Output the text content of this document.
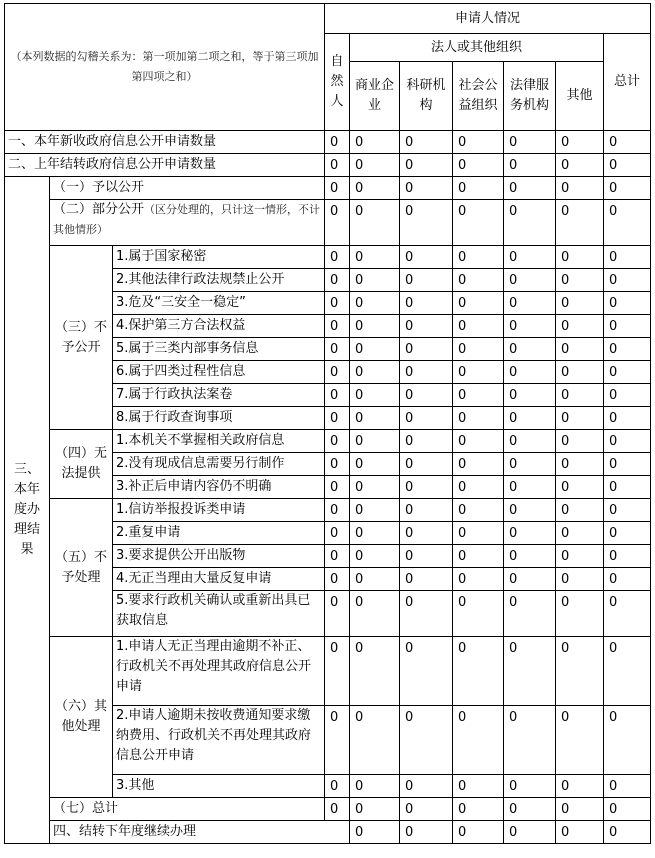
（本列数据的勾稽关系为：第一项加第二项之和，等于第三项加第四项之和）			申请人情况							
			自然人	法人或其他组织					总计	
				商业企业	科研机构	社会公益组织	法律服务机构	其他		

一、本年新收政府信息公开申请数量			0	0	0	0	0	0	0	
二、上年结转政府信息公开申请数量			0	0	0	0	0	0	0	
三、本年度办理结果	（一）予以公开		0	0	0	0	0	0	0	
	（二）部分公开（区分处理的，只计这一情形，不计其他情形）		0	0	0	0	0	0	0	
	（三）不予公开	1.属于国家秘密	0	0	0	0	0	0	0	
		2.其他法律行政法规禁止公开	0	0	0	0	0	0	0	
		3.危及“三安全一稳定”	0	0	0	0	0	0	0	
		4.保护第三方合法权益	0	0	0	0	0	0	0	
		5.属于三类内部事务信息	0	0	0	0	0	0	0	
		6.属于四类过程性信息	0	0	0	0	0	0	0	
		7.属于行政执法案卷	0	0	0	0	0	0	0	
		8.属于行政查询事项	0	0	0	0	0	0	0	
	（四）无法提供	1.本机关不掌握相关政府信息	0	0	0	0	0	0	0	
		2.没有现成信息需要另行制作	0	0	0	0	0	0	0	
		3.补正后申请内容仍不明确	0	0	0	0	0	0	0	
	（五）不予处理	1.信访举报投诉类申请	0	0	0	0	0	0	0	
		2.重复申请	0	0	0	0	0	0	0	
		3.要求提供公开出版物	0	0	0	0	0	0	0	
		4.无正当理由大量反复申请	0	0	0	0	0	0	0	
		5.要求行政机关确认或重新出具已获取信息	0	0	0	0	0	0	0	
	（六）其他处理	1.申请人无正当理由逾期不补正、行政机关不再处理其政府信息公开申请	0	0	0	0	0	0	0	
		2.申请人逾期未按收费通知要求缴纳费用、行政机关不再处理其政府信息公开申请	0	0	0	0	0	0	0	
		3.其他	0	0	0	0	0	0	0	
	（七）总计		0	0	0	0	0	0	0	
	四、结转下年度继续办理			0	0	0	0	0	0	
